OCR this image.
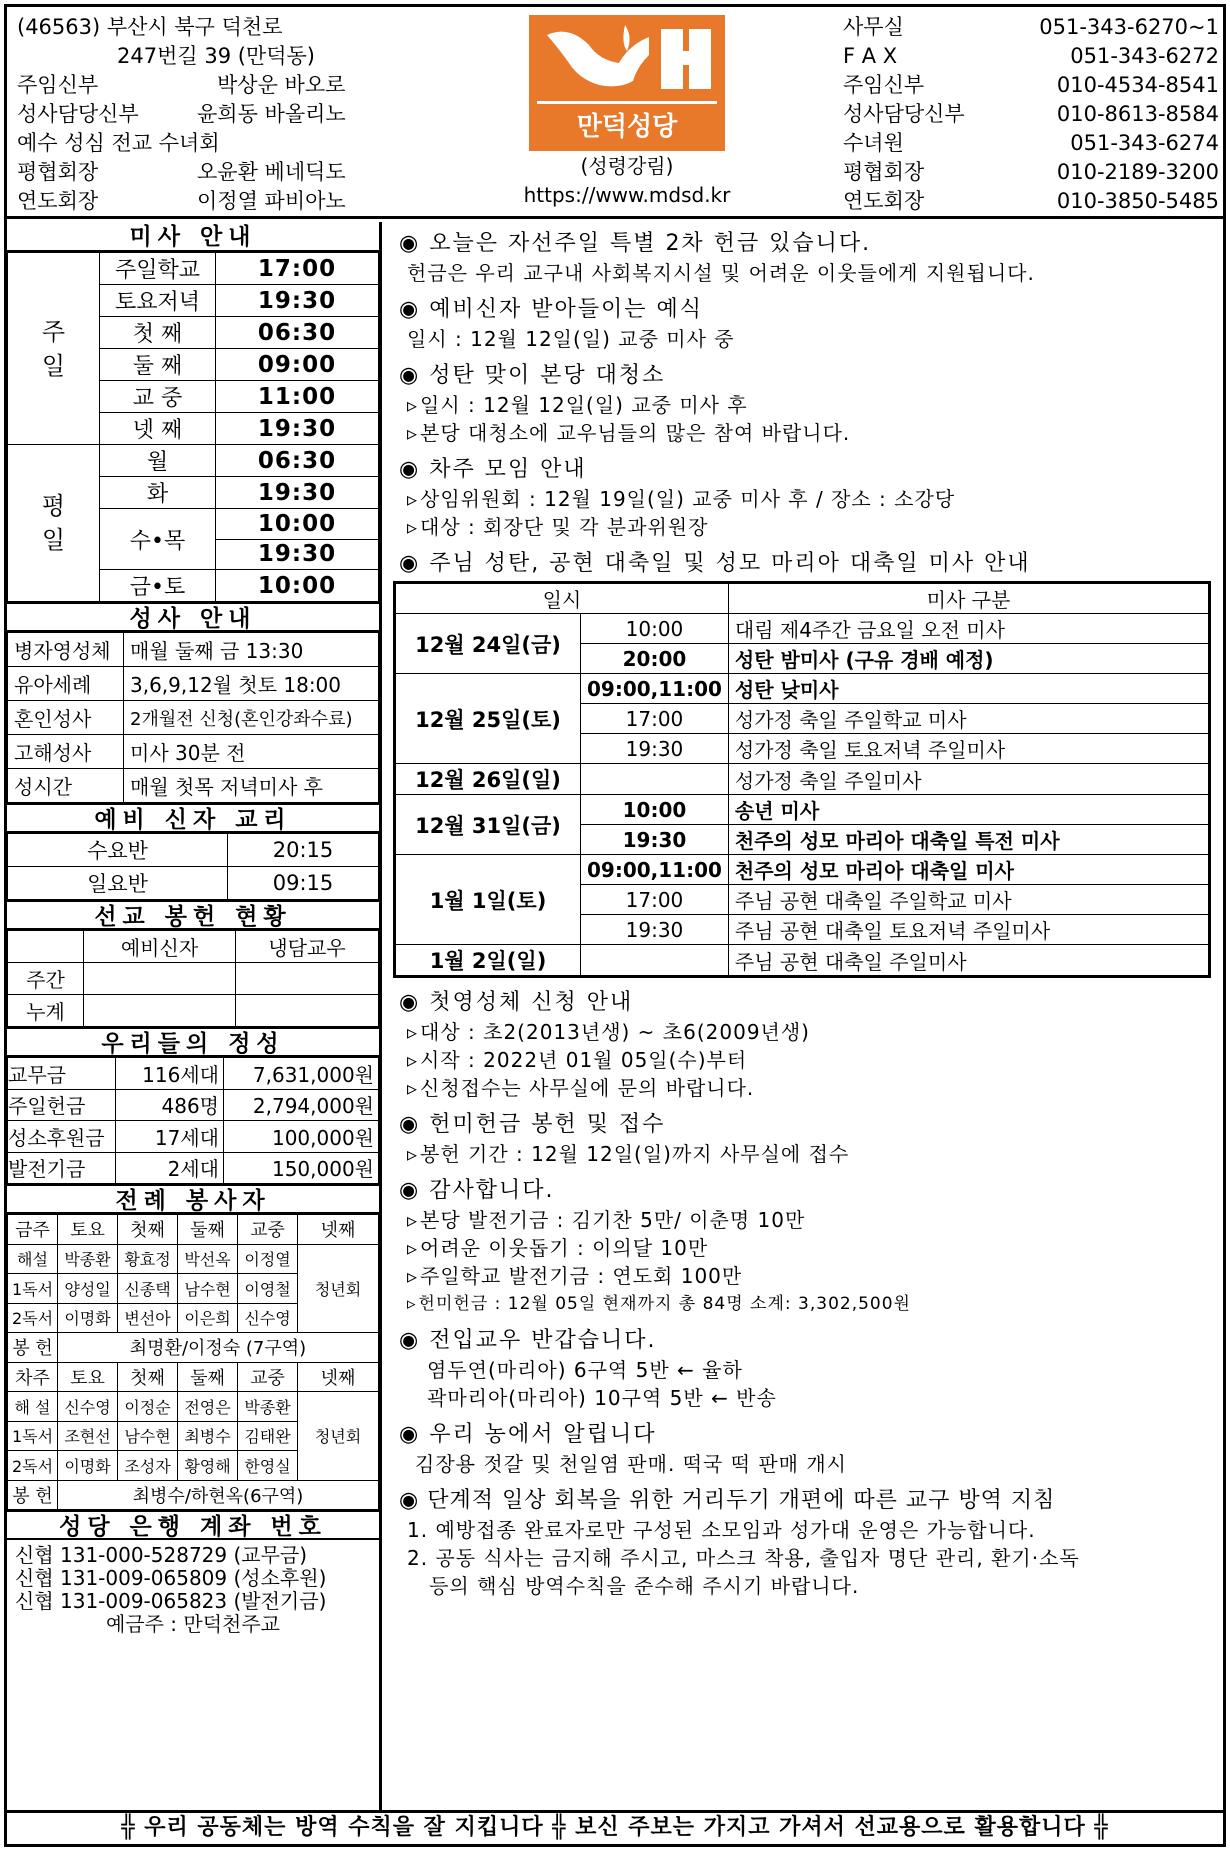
(46563) 부산시 북구 덕천로
247번길 39 (만덕동)
주임신부	박상운 바오로
성사담당신부	윤희동 바올리노
예수 성심 전교 수녀회
평협회장	오윤환 베네딕도
연도회장	이정열 파비아노
만덕성당
(성령강림)
https://www.mdsd.kr
사무실	051-343-6270~1
F A X	051-343-6272
주임신부	010-4534-8541
성사담당신부	010-8613-8584
수녀원	051-343-6274
평협회장	010-2189-3200
연도회장	010-3850-5485
미사 안내
주
일	주일학교	17:00
	토요저녁	19:30
	첫 째	06:30
	둘 째	09:00
	교 중	11:00
	넷 째	19:30
평
일	월	06:30
	화	19:30
	수•목	10:00
		19:30
	금•토	10:00
성사 안내
병자영성체	매월 둘째 금 13:30
유아세례	3,6,9,12월 첫토 18:00
혼인성사	2개월전 신청(혼인강좌수료)
고해성사	미사 30분 전
성시간	매월 첫목 저녁미사 후
예비 신자 교리
수요반	20:15
일요반	09:15
선교 봉헌 현황
	예비신자	냉담교우
주간		
누계		
우리들의 정성
교무금	116세대	7,631,000원
주일헌금	486명	2,794,000원
성소후원금	17세대	100,000원
발전기금	2세대	150,000원
전례 봉사자
금주	토요	첫째	둘째	교중	넷째
해설	박종환	황효정	박선옥	이정열	청년회
1독서	양성일	신종택	남수현	이영철	
2독서	이명화	변선아	이은희	신수영	
봉 헌	최명환/이정숙 (7구역)				
차주	토요	첫째	둘째	교중	넷째
해 설	신수영	이정순	전영은	박종환	청년회
1독서	조현선	남수현	최병수	김태완	
2독서	이명화	조성자	황영해	한영실	
봉 헌	최병수/하현옥(6구역)				
성당 은행 계좌 번호
신협 131-000-528729 (교무금)
신협 131-009-065809 (성소후원)
신협 131-009-065823 (발전기금)
예금주 : 만덕천주교
◉ 오늘은 자선주일 특별 2차 헌금 있습니다.
헌금은 우리 교구내 사회복지시설 및 어려운 이웃들에게 지원됩니다.
◉ 예비신자 받아들이는 예식
일시 : 12월 12일(일) 교중 미사 중
◉ 성탄 맞이 본당 대청소
▹ 일시 : 12월 12일(일) 교중 미사 후
▹ 본당 대청소에 교우님들의 많은 참여 바랍니다.
◉ 차주 모임 안내
▹ 상임위원회 : 12월 19일(일) 교중 미사 후 / 장소 : 소강당
▹ 대상 : 회장단 및 각 분과위원장
◉ 주님 성탄, 공현 대축일 및 성모 마리아 대축일 미사 안내
일시		미사 구분
12월 24일(금)	10:00	대림 제4주간 금요일 오전 미사
	20:00	성탄 밤미사 (구유 경배 예정)
12월 25일(토)	09:00,11:00	성탄 낮미사
	17:00	성가정 축일 주일학교 미사
	19:30	성가정 축일 토요저녁 주일미사
12월 26일(일)		성가정 축일 주일미사
12월 31일(금)	10:00	송년 미사
	19:30	천주의 성모 마리아 대축일 특전 미사
1월 1일(토)	09:00,11:00	천주의 성모 마리아 대축일 미사
	17:00	주님 공현 대축일 주일학교 미사
	19:30	주님 공현 대축일 토요저녁 주일미사
1월 2일(일)		주님 공현 대축일 주일미사
◉ 첫영성체 신청 안내
▹ 대상 : 초2(2013년생) ~ 초6(2009년생)
▹ 시작 : 2022년 01월 05일(수)부터
▹ 신청접수는 사무실에 문의 바랍니다.
◉ 헌미헌금 봉헌 및 접수
▹ 봉헌 기간 : 12월 12일(일)까지 사무실에 접수
◉ 감사합니다.
▹ 본당 발전기금 : 김기찬 5만/ 이춘명 10만
▹ 어려운 이웃돕기 : 이의달 10만
▹ 주일학교 발전기금 : 연도회 100만
▹ 헌미헌금 : 12월 05일 현재까지 총 84명 소계: 3,302,500원
◉ 전입교우 반갑습니다.
염두연(마리아) 6구역 5반 ← 율하
곽마리아(마리아) 10구역 5반 ← 반송
◉ 우리 농에서 알립니다
김장용 젓갈 및 천일염 판매. 떡국 떡 판매 개시
◉ 단계적 일상 회복을 위한 거리두기 개편에 따른 교구 방역 지침
1. 예방접종 완료자로만 구성된 소모임과 성가대 운영은 가능합니다.
2. 공동 식사는 금지해 주시고, 마스크 착용, 출입자 명단 관리, 환기·소독
등의 핵심 방역수칙을 준수해 주시기 바랍니다.
╬ 우리 공동체는 방역 수칙을 잘 지킵니다 ╬ 보신 주보는 가지고 가셔서 선교용으로 활용합니다 ╬
